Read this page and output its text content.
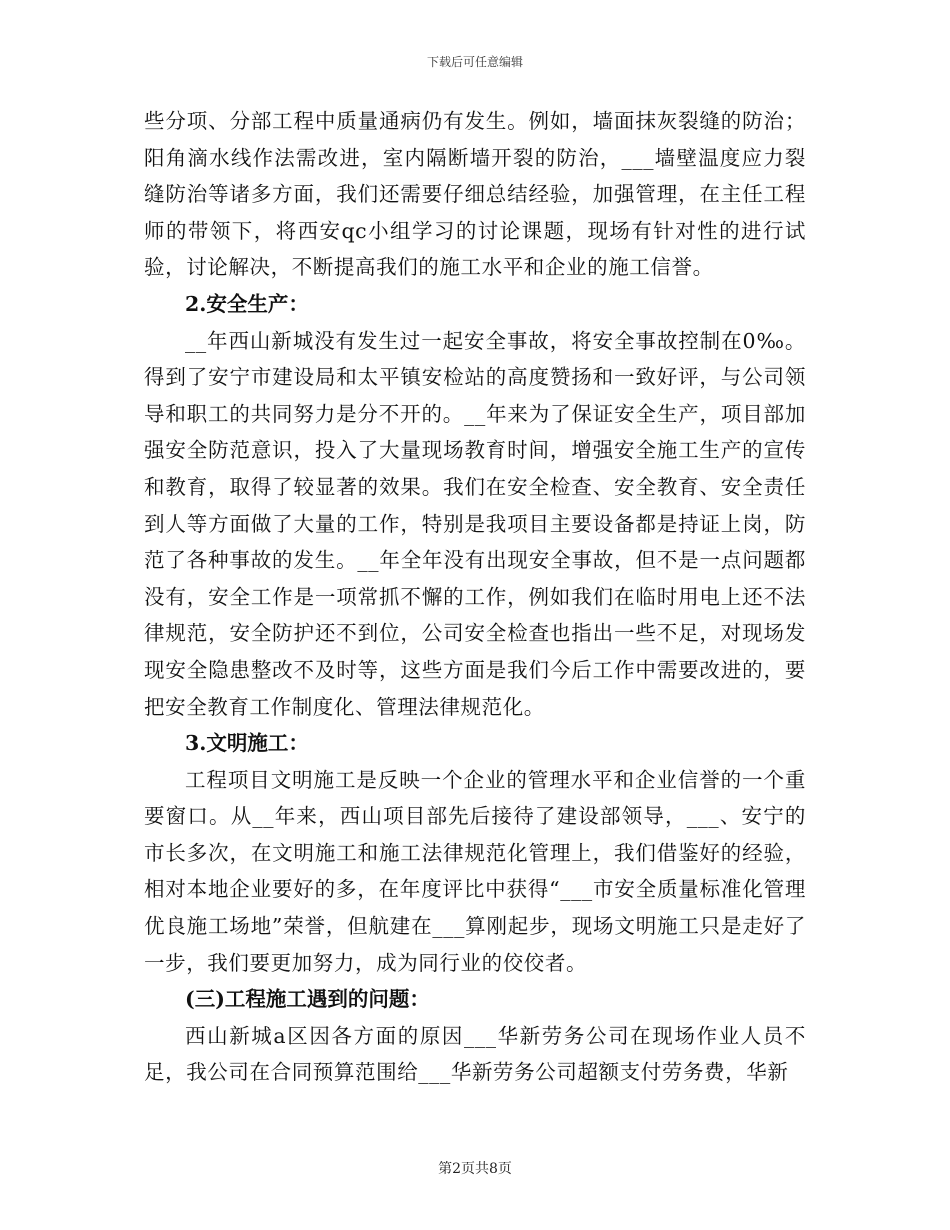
下载后可任意编辑

些分项、分部工程中质量通病仍有发生。例如，墙面抹灰裂缝的防治；阳角滴水线作法需改进，室内隔断墙开裂的防治，___墙壁温度应力裂缝防治等诸多方面，我们还需要仔细总结经验，加强管理，在主任工程师的带领下，将西安qc小组学习的讨论课题，现场有针对性的进行试验，讨论解决，不断提高我们的施工水平和企业的施工信誉。

2.安全生产：

__年西山新城没有发生过一起安全事故，将安全事故控制在0‰。得到了安宁市建设局和太平镇安检站的高度赞扬和一致好评，与公司领导和职工的共同努力是分不开的。__年来为了保证安全生产，项目部加强安全防范意识，投入了大量现场教育时间，增强安全施工生产的宣传和教育，取得了较显著的效果。我们在安全检查、安全教育、安全责任到人等方面做了大量的工作，特别是我项目主要设备都是持证上岗，防范了各种事故的发生。__年全年没有出现安全事故，但不是一点问题都没有，安全工作是一项常抓不懈的工作，例如我们在临时用电上还不法律规范，安全防护还不到位，公司安全检查也指出一些不足，对现场发现安全隐患整改不及时等，这些方面是我们今后工作中需要改进的，要把安全教育工作制度化、管理法律规范化。

3.文明施工：

工程项目文明施工是反映一个企业的管理水平和企业信誉的一个重要窗口。从__年来，西山项目部先后接待了建设部领导，___、安宁的市长多次，在文明施工和施工法律规范化管理上，我们借鉴好的经验，相对本地企业要好的多，在年度评比中获得“___市安全质量标准化管理优良施工场地”荣誉，但航建在___算刚起步，现场文明施工只是走好了一步，我们要更加努力，成为同行业的佼佼者。

(三)工程施工遇到的问题：

西山新城a区因各方面的原因___华新劳务公司在现场作业人员不足，我公司在合同预算范围给___华新劳务公司超额支付劳务费，华新

第2页共8页
